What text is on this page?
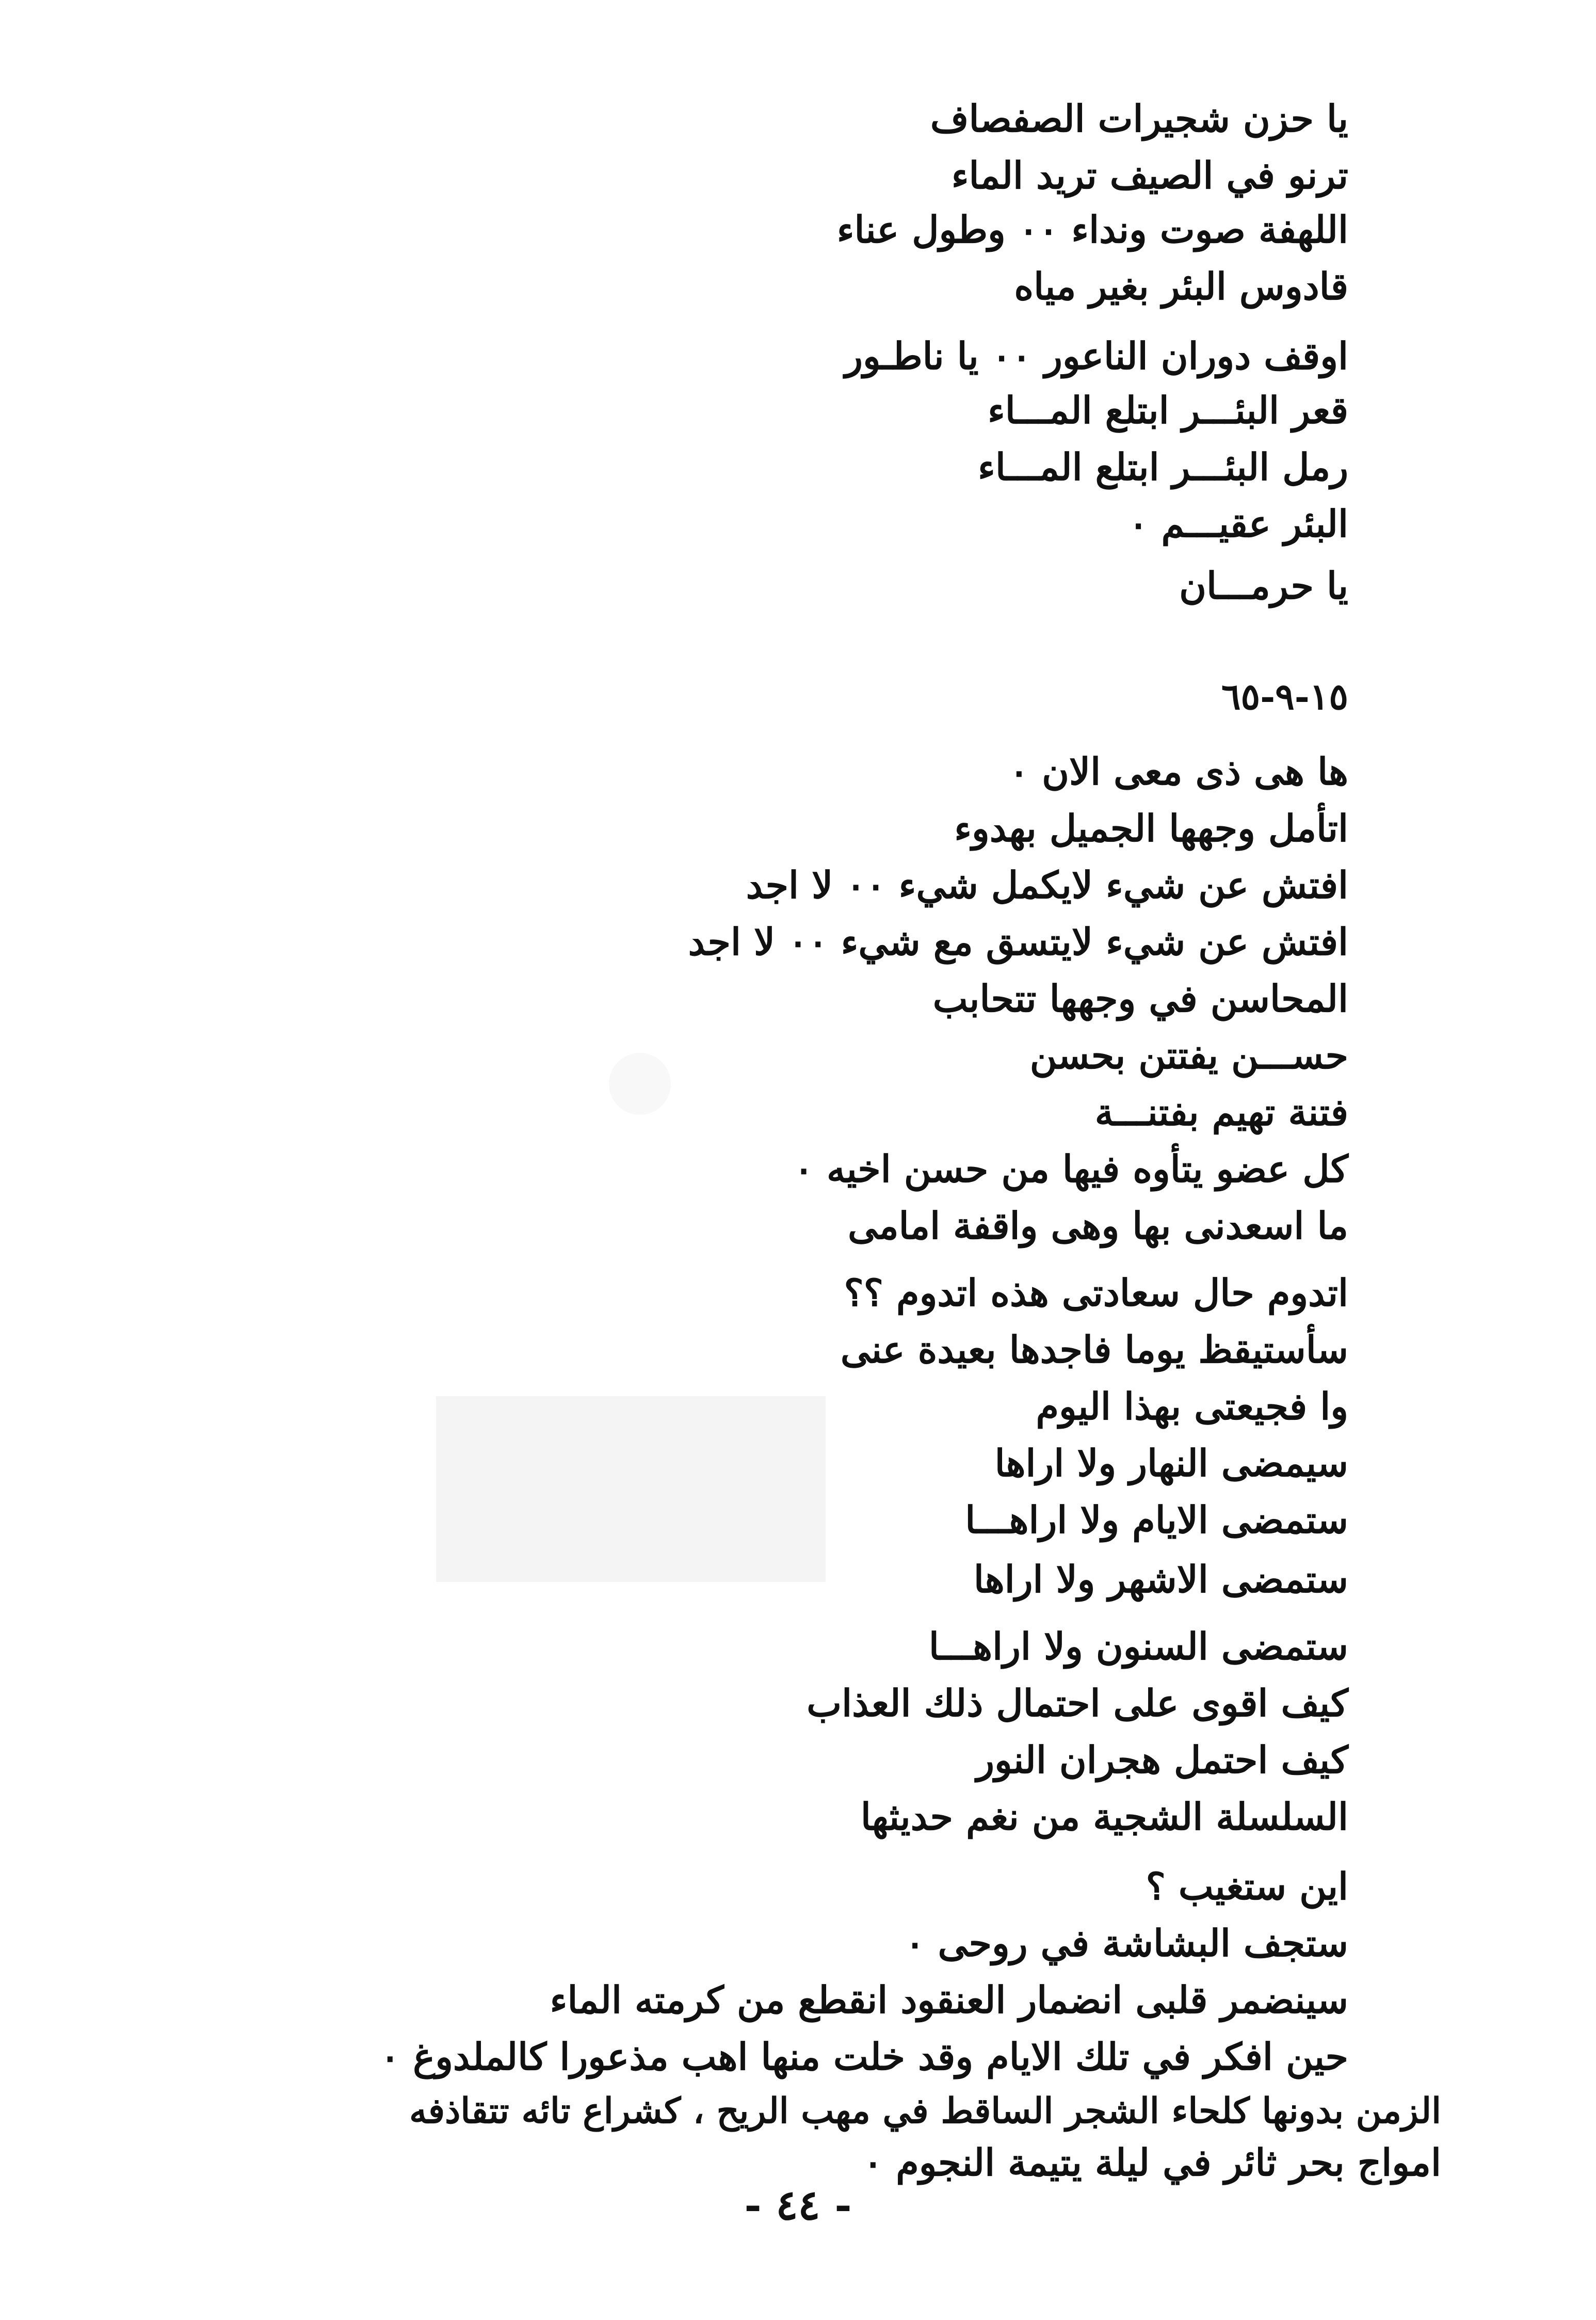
يا حزن شجيرات الصفصاف
ترنو في الصيف تريد الماء
اللهفة صوت ونداء ٠٠ وطول عناء
قادوس البئر بغير مياه
اوقف دوران الناعور ٠٠ يا ناطـور
قعر البئـــر ابتلع المـــاء
رمل البئـــر ابتلع المـــاء
البئر عقيـــم ٠
يا حرمـــان
١٥-٩-٦٥
ها هى ذى معى الان ٠
اتأمل وجهها الجميل بهدوء
افتش عن شيء لايكمل شيء ٠٠ لا اجد
افتش عن شيء لايتسق مع شيء ٠٠ لا اجد
المحاسن في وجهها تتحابب
حســـن يفتتن بحسن
فتنة تهيم بفتنـــة
كل عضو يتأوه فيها من حسن اخيه ٠
ما اسعدنى بها وهى واقفة امامى
اتدوم حال سعادتى هذه اتدوم ؟؟
سأستيقظ يوما فاجدها بعيدة عنى
وا فجيعتى بهذا اليوم
سيمضى النهار ولا اراها
ستمضى الايام ولا اراهـــا
ستمضى الاشهر ولا اراها
ستمضى السنون ولا اراهـــا
كيف اقوى على احتمال ذلك العذاب
كيف احتمل هجران النور
السلسلة الشجية من نغم حديثها
اين ستغيب ؟
ستجف البشاشة في روحى ٠
سينضمر قلبى انضمار العنقود انقطع من كرمته الماء
حين افكر في تلك الايام وقد خلت منها اهب مذعورا كالملدوغ ٠
الزمن بدونها كلحاء الشجر الساقط في مهب الريح ، كشراع تائه تتقاذفه
امواج بحر ثائر في ليلة يتيمة النجوم ٠
- ٤٤ -
